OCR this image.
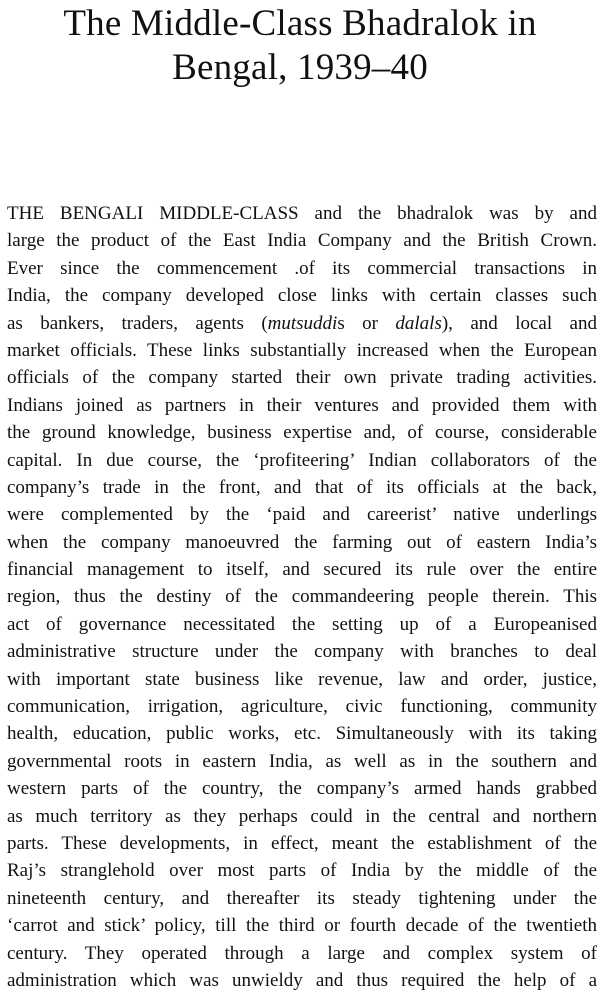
The Middle-Class Bhadralok in
Bengal, 1939–40
THE BENGALI MIDDLE-CLASS and the bhadralok was by and
large the product of the East India Company and the British Crown.
Ever since the commencement .of its commercial transactions in
India, the company developed close links with certain classes such
as bankers, traders, agents (mutsuddis or dalals), and local and
market officials. These links substantially increased when the European
officials of the company started their own private trading activities.
Indians joined as partners in their ventures and provided them with
the ground knowledge, business expertise and, of course, considerable
capital. In due course, the ‘profiteering’ Indian collaborators of the
company’s trade in the front, and that of its officials at the back,
were complemented by the ‘paid and careerist’ native underlings
when the company manoeuvred the farming out of eastern India’s
financial management to itself, and secured its rule over the entire
region, thus the destiny of the commandeering people therein. This
act of governance necessitated the setting up of a Europeanised
administrative structure under the company with branches to deal
with important state business like revenue, law and order, justice,
communication, irrigation, agriculture, civic functioning, community
health, education, public works, etc. Simultaneously with its taking
governmental roots in eastern India, as well as in the southern and
western parts of the country, the company’s armed hands grabbed
as much territory as they perhaps could in the central and northern
parts. These developments, in effect, meant the establishment of the
Raj’s stranglehold over most parts of India by the middle of the
nineteenth century, and thereafter its steady tightening under the
‘carrot and stick’ policy, till the third or fourth decade of the twentieth
century. They operated through a large and complex system of
administration which was unwieldy and thus required the help of a
